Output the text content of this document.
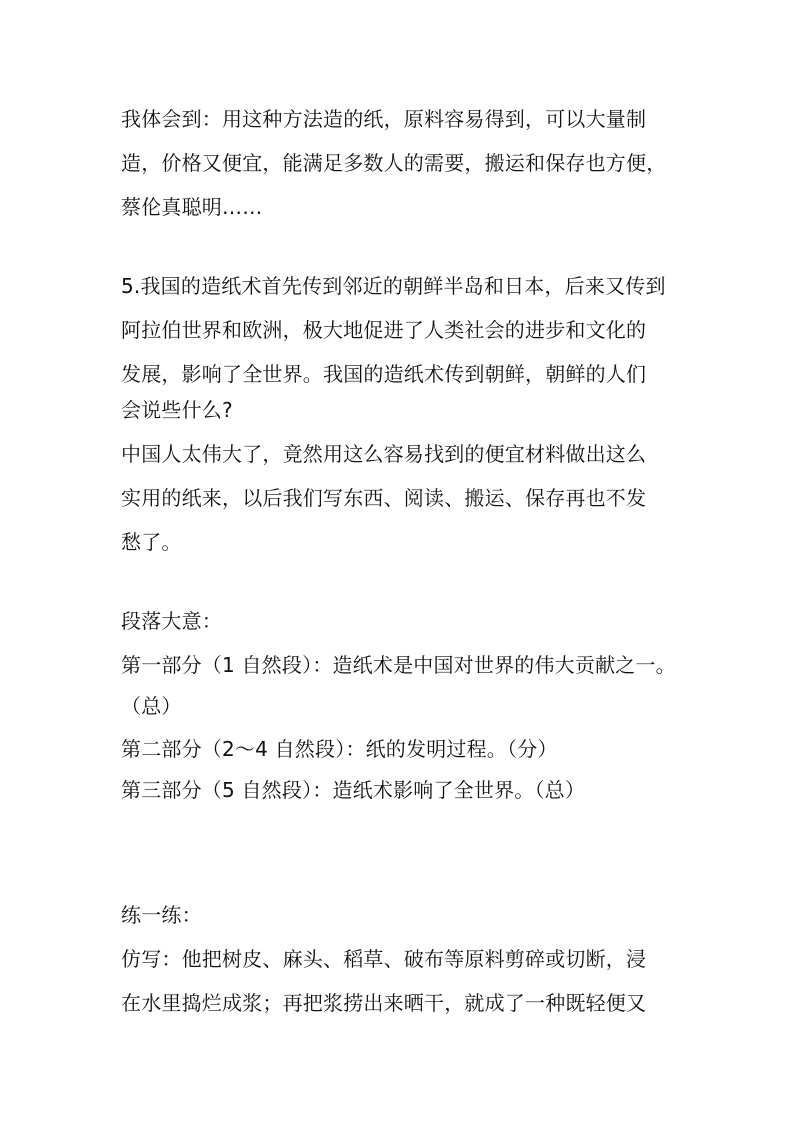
我体会到：用这种方法造的纸，原料容易得到，可以大量制
造，价格又便宜，能满足多数人的需要，搬运和保存也方便，
蔡伦真聪明……
5.我国的造纸术首先传到邻近的朝鲜半岛和日本，后来又传到
阿拉伯世界和欧洲，极大地促进了人类社会的进步和文化的
发展，影响了全世界。我国的造纸术传到朝鲜，朝鲜的人们
会说些什么?
中国人太伟大了，竟然用这么容易找到的便宜材料做出这么
实用的纸来，以后我们写东西、阅读、搬运、保存再也不发
愁了。
段落大意：
第一部分（1 自然段）：造纸术是中国对世界的伟大贡献之一。
（总）
第二部分（2～4 自然段）：纸的发明过程。（分）
第三部分（5 自然段）：造纸术影响了全世界。（总）
练一练：
仿写：他把树皮、麻头、稻草、破布等原料剪碎或切断，浸
在水里捣烂成浆；再把浆捞出来晒干，就成了一种既轻便又
